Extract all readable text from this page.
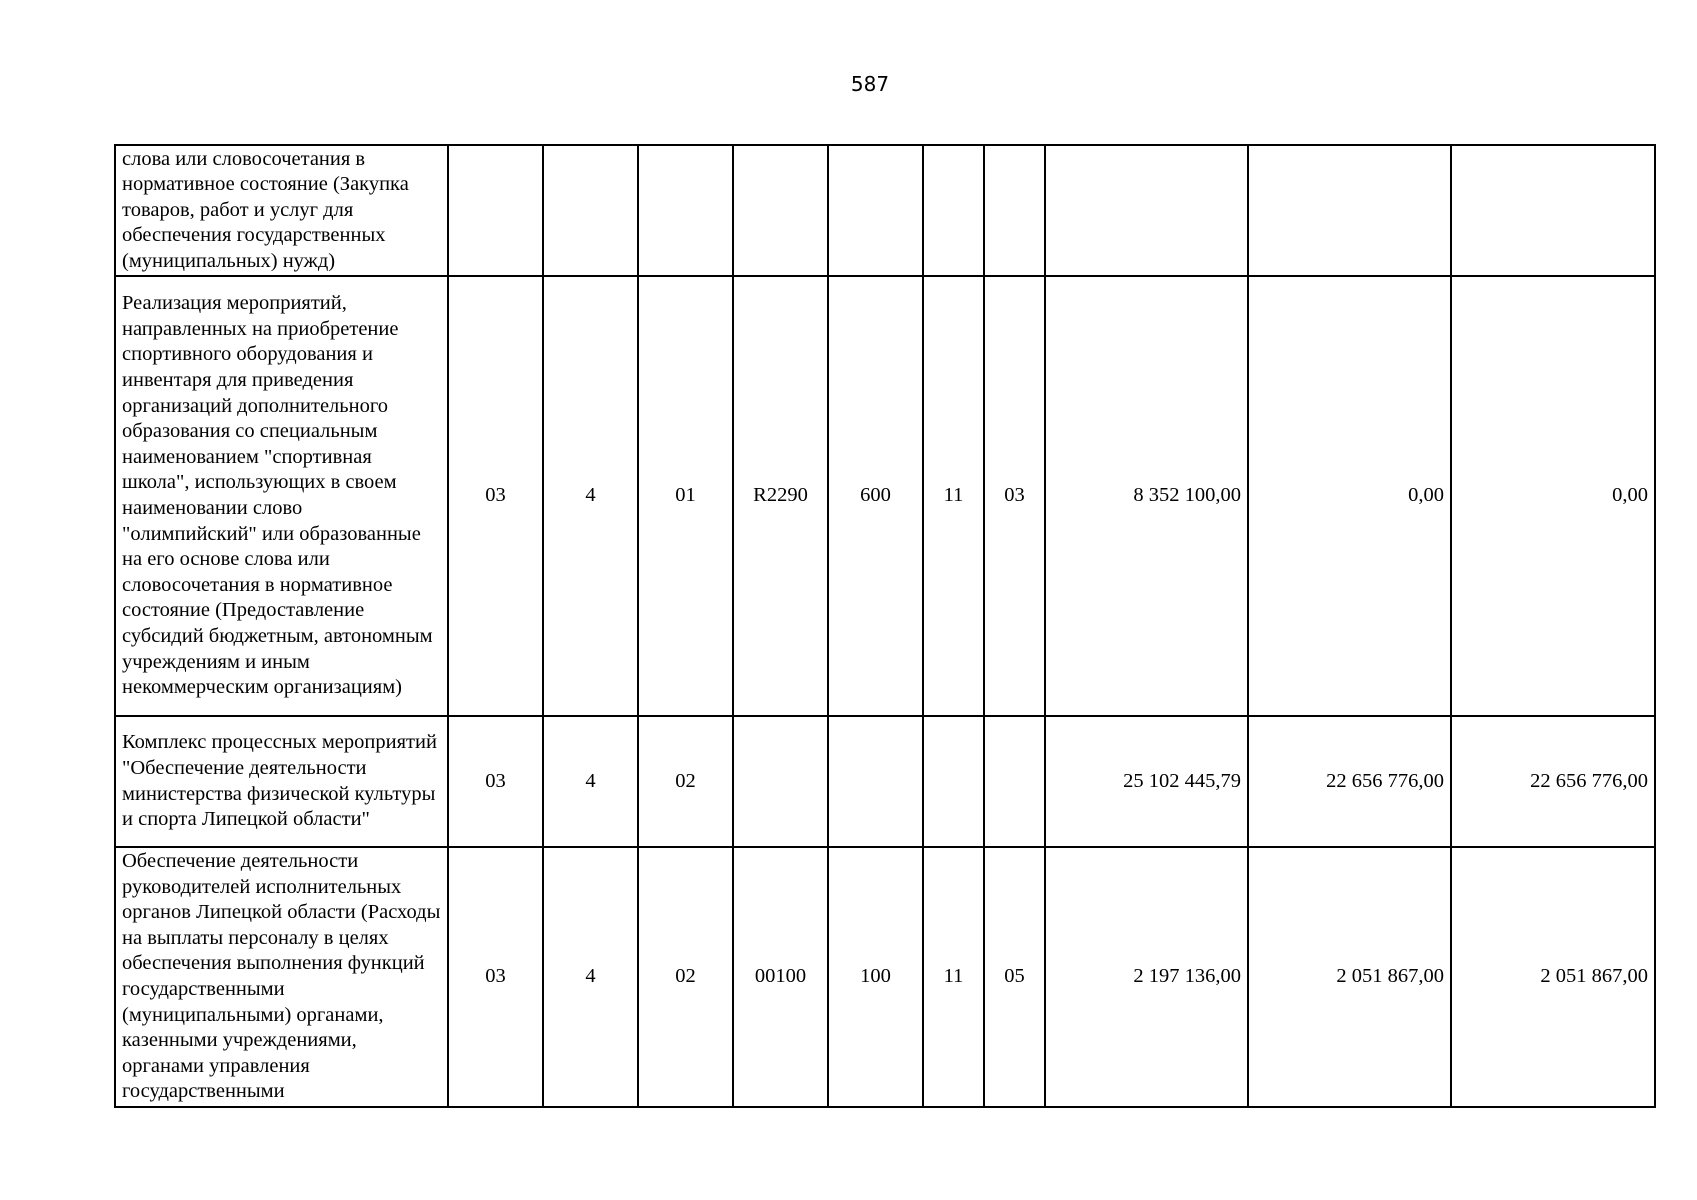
587
слова или словосочетания в нормативное состояние (Закупка товаров, работ и услуг для обеспечения государственных (муниципальных) нужд)										

Реализация мероприятий, направленных на приобретение спортивного оборудования и инвентаря для приведения организаций дополнительного образования со специальным наименованием "спортивная школа", использующих в своем наименовании слово "олимпийский" или образованные на его основе слова или словосочетания в нормативное состояние (Предоставление субсидий бюджетным, автономным учреждениям и иным некоммерческим организациям)	03	4	01	R2290	600	11	03	8 352 100,00	0,00	0,00

Комплекс процессных мероприятий "Обеспечение деятельности министерства физической культуры и спорта Липецкой области"	03	4	02					25 102 445,79	22 656 776,00	22 656 776,00

Обеспечение деятельности руководителей исполнительных органов Липецкой области (Расходы на выплаты персоналу в целях обеспечения выполнения функций государственными (муниципальными) органами, казенными учреждениями, органами управления государственными	03	4	02	00100	100	11	05	2 197 136,00	2 051 867,00	2 051 867,00
